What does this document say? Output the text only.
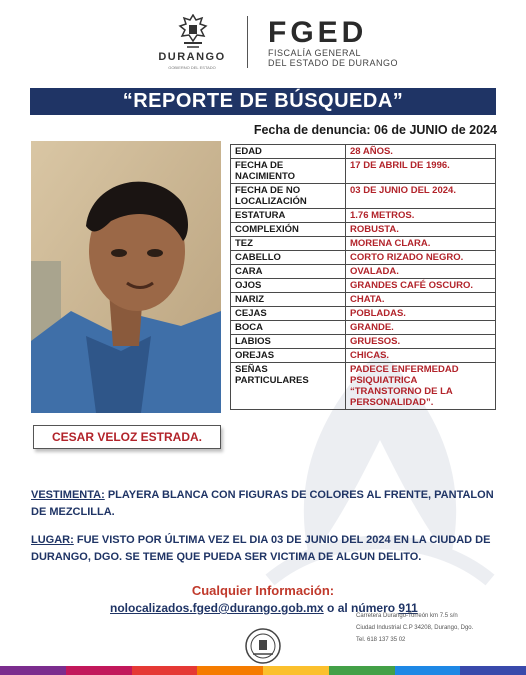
DURANGO
GOBIERNO DEL ESTADO
FGED
FISCALÍA GENERAL
DEL ESTADO DE DURANGO
“REPORTE DE BÚSQUEDA”
Fecha de denuncia: 06 de JUNIO de 2024
CESAR VELOZ ESTRADA.
EDAD	28 AÑOS.
FECHA DE NACIMIENTO	17 DE ABRIL DE 1996.
FECHA DE NO LOCALIZACIÓN	03 DE JUNIO DEL 2024.
ESTATURA	1.76 METROS.
COMPLEXIÓN	ROBUSTA.
TEZ	MORENA CLARA.
CABELLO	CORTO RIZADO NEGRO.
CARA	OVALADA.
OJOS	GRANDES CAFÉ OSCURO.
NARIZ	CHATA.
CEJAS	POBLADAS.
BOCA	GRANDE.
LABIOS	GRUESOS.
OREJAS	CHICAS.
SEÑAS PARTICULARES	PADECE ENFERMEDAD PSIQUIATRICA “TRANSTORNO DE LA PERSONALIDAD”.
VESTIMENTA: PLAYERA BLANCA CON FIGURAS DE COLORES AL FRENTE, PANTALON DE MEZCLILLA.
LUGAR: FUE VISTO POR ÚLTIMA VEZ EL DIA 03 DE JUNIO DEL 2024 EN LA CIUDAD DE DURANGO, DGO. SE TEME QUE PUEDA SER VICTIMA DE ALGUN DELITO.
Cualquier Información:
nolocalizados.fged@durango.gob.mx o al número 911
Carretera Durango-Torreón km 7.5 s/n
Ciudad Industrial C.P 34208, Durango, Dgo.
Tel. 618 137 35 02
